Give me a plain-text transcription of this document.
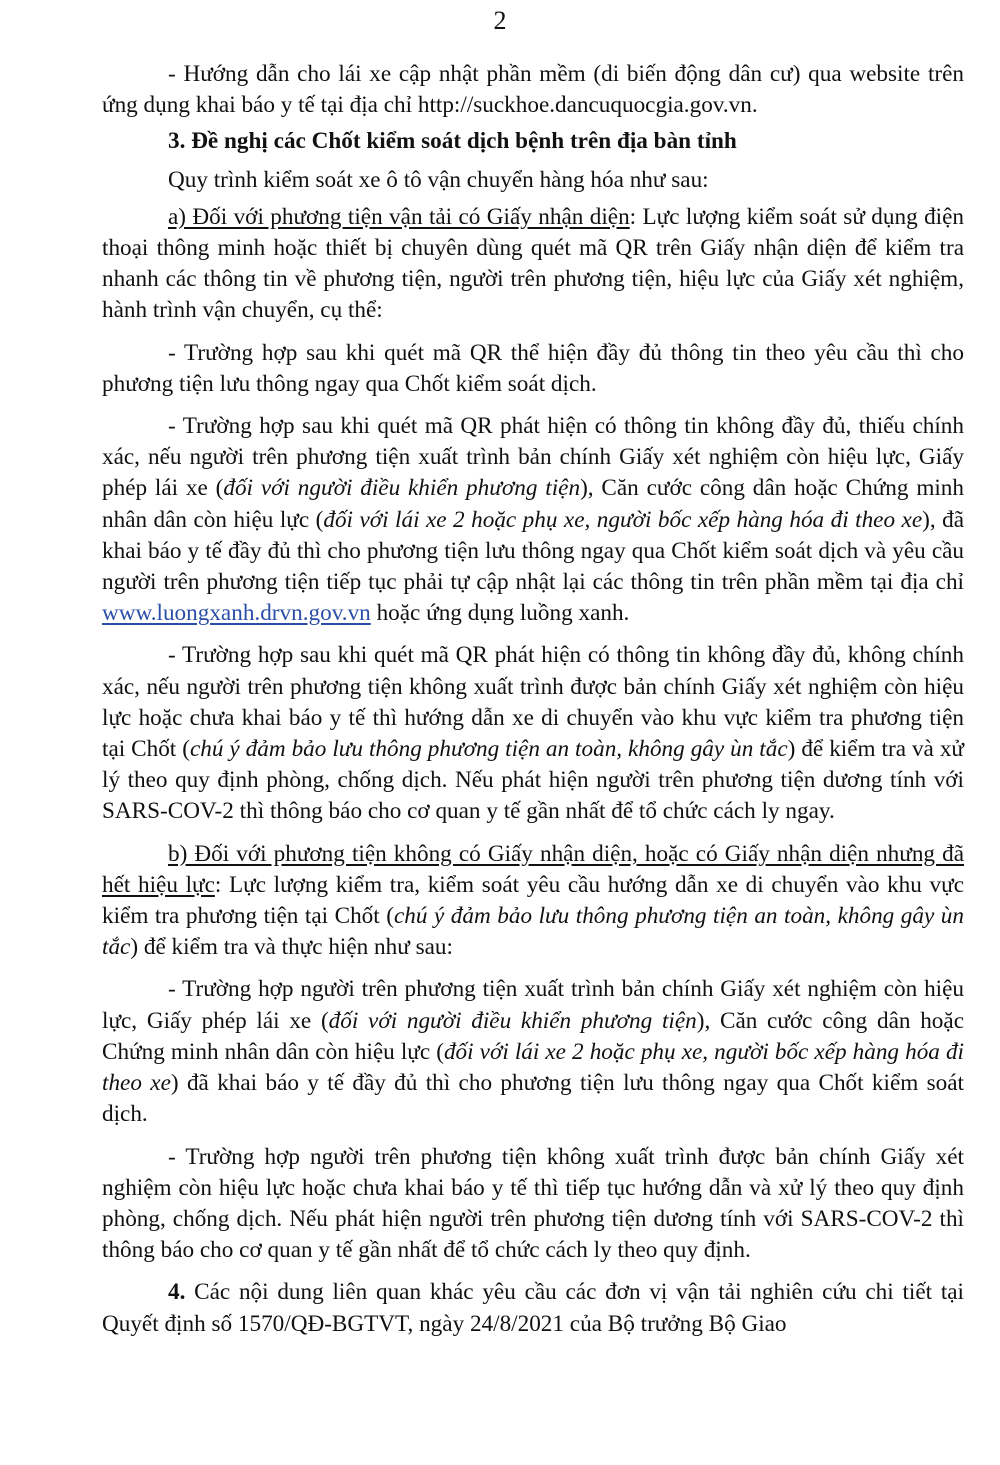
2

- Hướng dẫn cho lái xe cập nhật phần mềm (di biến động dân cư) qua website trên ứng dụng khai báo y tế tại địa chỉ http://suckhoe.dancuquocgia.gov.vn.

3. Đề nghị các Chốt kiểm soát dịch bệnh trên địa bàn tỉnh

Quy trình kiểm soát xe ô tô vận chuyển hàng hóa như sau:

a) Đối với phương tiện vận tải có Giấy nhận diện: Lực lượng kiểm soát sử dụng điện thoại thông minh hoặc thiết bị chuyên dùng quét mã QR trên Giấy nhận diện để kiểm tra nhanh các thông tin về phương tiện, người trên phương tiện, hiệu lực của Giấy xét nghiệm, hành trình vận chuyển, cụ thể:

- Trường hợp sau khi quét mã QR thể hiện đầy đủ thông tin theo yêu cầu thì cho phương tiện lưu thông ngay qua Chốt kiểm soát dịch.

- Trường hợp sau khi quét mã QR phát hiện có thông tin không đầy đủ, thiếu chính xác, nếu người trên phương tiện xuất trình bản chính Giấy xét nghiệm còn hiệu lực, Giấy phép lái xe (đối với người điều khiển phương tiện), Căn cước công dân hoặc Chứng minh nhân dân còn hiệu lực (đối với lái xe 2 hoặc phụ xe, người bốc xếp hàng hóa đi theo xe), đã khai báo y tế đầy đủ thì cho phương tiện lưu thông ngay qua Chốt kiểm soát dịch và yêu cầu người trên phương tiện tiếp tục phải tự cập nhật lại các thông tin trên phần mềm tại địa chỉ www.luongxanh.drvn.gov.vn hoặc ứng dụng luồng xanh.

- Trường hợp sau khi quét mã QR phát hiện có thông tin không đầy đủ, không chính xác, nếu người trên phương tiện không xuất trình được bản chính Giấy xét nghiệm còn hiệu lực hoặc chưa khai báo y tế thì hướng dẫn xe di chuyển vào khu vực kiểm tra phương tiện tại Chốt (chú ý đảm bảo lưu thông phương tiện an toàn, không gây ùn tắc) để kiểm tra và xử lý theo quy định phòng, chống dịch. Nếu phát hiện người trên phương tiện dương tính với SARS-COV-2 thì thông báo cho cơ quan y tế gần nhất để tổ chức cách ly ngay.

b) Đối với phương tiện không có Giấy nhận diện, hoặc có Giấy nhận diện nhưng đã hết hiệu lực: Lực lượng kiểm tra, kiểm soát yêu cầu hướng dẫn xe di chuyển vào khu vực kiểm tra phương tiện tại Chốt (chú ý đảm bảo lưu thông phương tiện an toàn, không gây ùn tắc) để kiểm tra và thực hiện như sau:

- Trường hợp người trên phương tiện xuất trình bản chính Giấy xét nghiệm còn hiệu lực, Giấy phép lái xe (đối với người điều khiển phương tiện), Căn cước công dân hoặc Chứng minh nhân dân còn hiệu lực (đối với lái xe 2 hoặc phụ xe, người bốc xếp hàng hóa đi theo xe) đã khai báo y tế đầy đủ thì cho phương tiện lưu thông ngay qua Chốt kiểm soát dịch.

- Trường hợp người trên phương tiện không xuất trình được bản chính Giấy xét nghiệm còn hiệu lực hoặc chưa khai báo y tế thì tiếp tục hướng dẫn và xử lý theo quy định phòng, chống dịch. Nếu phát hiện người trên phương tiện dương tính với SARS-COV-2 thì thông báo cho cơ quan y tế gần nhất để tổ chức cách ly theo quy định.

4. Các nội dung liên quan khác yêu cầu các đơn vị vận tải nghiên cứu chi tiết tại Quyết định số 1570/QĐ-BGTVT, ngày 24/8/2021 của Bộ trưởng Bộ Giao
